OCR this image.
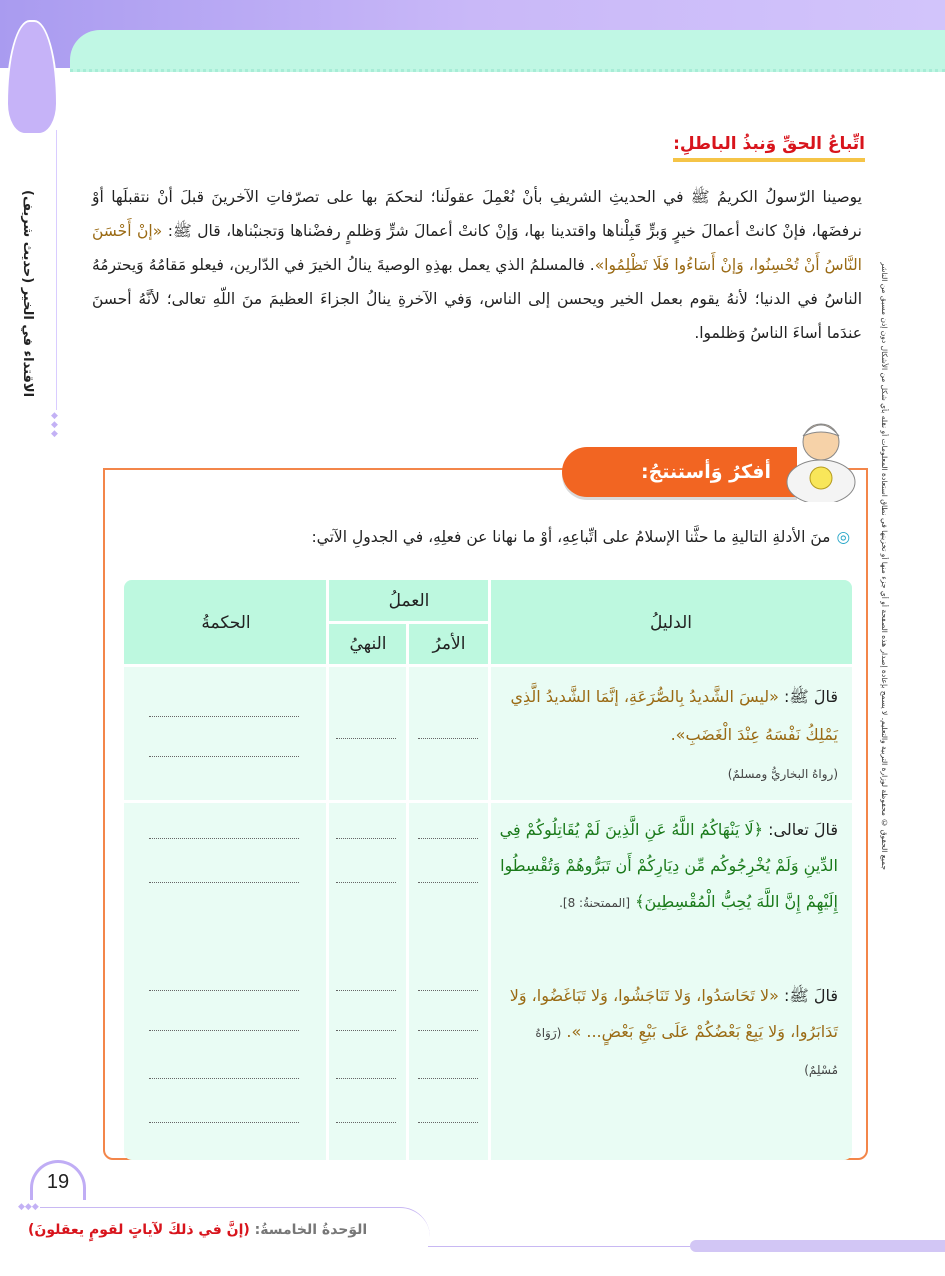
◆
◆
◆
الاقتداء في الخير (حديث شريف)	جميع الحقوق © محفوظة لوزارة التربية والتعليم. لا يسمح بإعادة إصدار هذه الصفحة أو أي جزء منها أو تخزينها في نطاق استعادة المعلومات أو نقله بأي شكل من الأشكال دون إذن مسبق من الناشر
اتِّباعُ الحقِّ وَنبذُ الباطلِ:
يوصينا الرّسولُ الكريمُ ﷺ في الحديثِ الشريفِ بأنْ نُعْمِلَ عقولَنا؛ لنحكمَ بها على تصرّفاتِ الآخرينَ قبلَ أنْ نتقبلَها أوْ نرفضَها، فإنْ كانتْ أعمالَ خيرٍ وَبرٍّ قَبِلْناها واقتدينا بها، وَإنْ كانتْ أعمالَ شرٍّ وَظلمٍ رفضْناها وَتجنبْناها، قال ﷺ: «إنْ أَحْسَنَ النَّاسُ أَنْ تُحْسِنُوا، وَإنْ أَسَاءُوا فَلَا تَظْلِمُوا». فالمسلمُ الذي يعمل بهذِهِ الوصيةَ ينالُ الخيرَ في الدّارين، فيعلو مَقامُهُ وَيحترمُهُ الناسُ في الدنيا؛ لأنهُ يقوم بعمل الخير ويحسن إلى الناس، وَفي الآخرةِ ينالُ الجزاءَ العظيمَ منَ اللّهِ تعالى؛ لأنَّهُ أحسنَ عندَما أساءَ الناسُ وَظلموا.
أفكرُ وَأستنتجُ:
◎منَ الأدلةِ التاليةِ ما حثَّنا الإسلامُ على اتِّباعِهِ، أوْ ما نهانا عن فعلِهِ، في الجدولِ الآتي:
الدليلُ
العملُ
الأمرُ
النهيُ
الحكمةُ
قالَ ﷺ: «ليسَ الشَّديدُ بِالصُّرَعَةِ، إنَّمَا الشَّديدُ الَّذِي يَمْلِكُ نَفْسَهُ عِنْدَ الْغَضَبِ».
(رواهُ البخاريُّ ومسلمٌ)
قالَ تعالى: ﴿لَا يَنْهَاكُمُ اللَّهُ عَنِ الَّذِينَ لَمْ يُقَاتِلُوكُمْ فِي الدِّينِ وَلَمْ يُخْرِجُوكُم مِّن دِيَارِكُمْ أَن تَبَرُّوهُمْ وَتُقْسِطُوا إِلَيْهِمْ إِنَّ اللَّهَ يُحِبُّ الْمُقْسِطِينَ﴾ [الممتحنةُ: 8].
قالَ ﷺ: «لا تَحَاسَدُوا، وَلا تَنَاجَشُوا، وَلا تَبَاغَضُوا، وَلا تَدَابَرُوا، وَلا يَبِعْ بَعْضُكُمْ عَلَى بَيْعِ بَعْضٍ... ». (رَوَاهُ مُسْلِمٌ)
19
◆◆◆
الوَحدةُ الخامسةُ: (إنَّ في ذلكَ لآياتٍ لقومٍ يعقلونَ)
